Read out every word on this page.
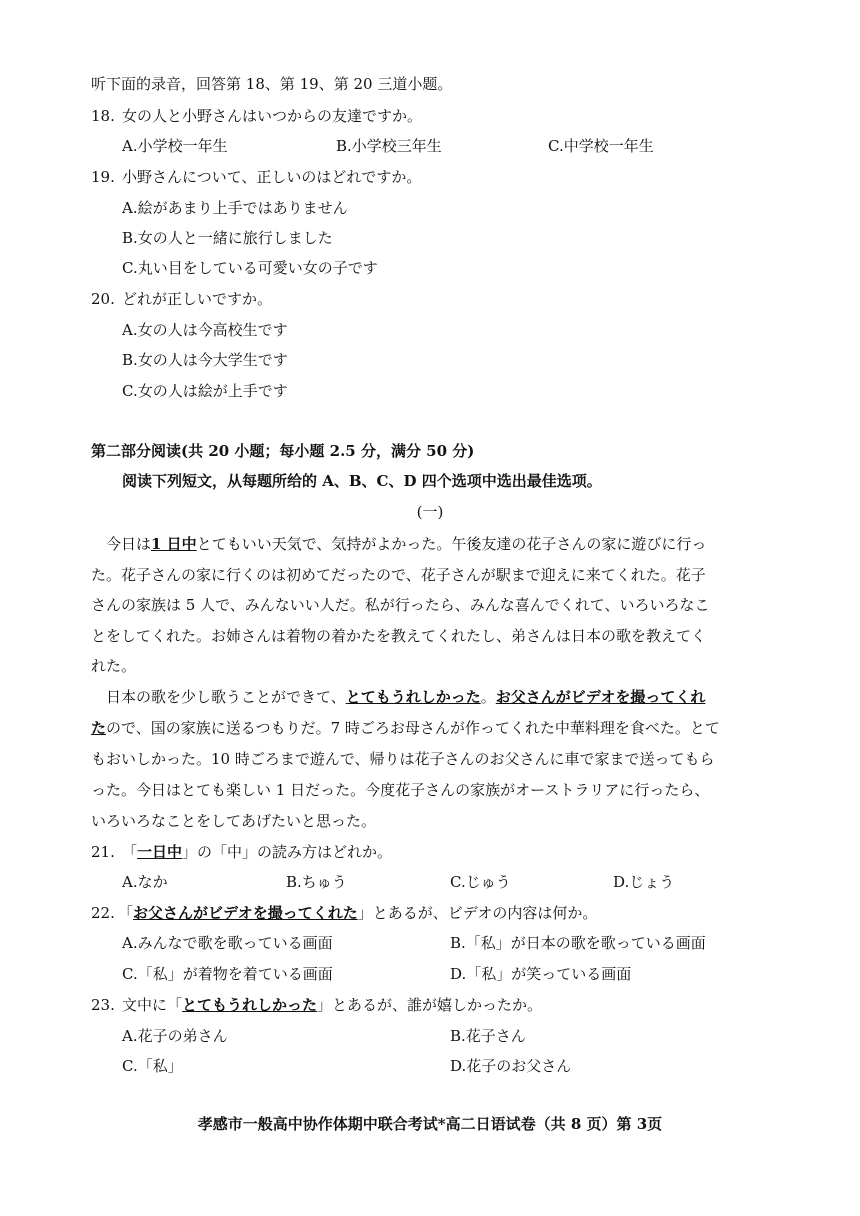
听下面的录音，回答第 18、第 19、第 20 三道小题。
18. 女の人と小野さんはいつからの友達ですか。
A.小学校一年生	B.小学校三年生	C.中学校一年生
19. 小野さんについて、正しいのはどれですか。
A.絵があまり上手ではありません
B.女の人と一緒に旅行しました
C.丸い目をしている可愛い女の子です
20. どれが正しいですか。
A.女の人は今高校生です
B.女の人は今大学生です
C.女の人は絵が上手です
第二部分阅读(共 20 小题；每小题 2.5 分，满分 50 分)
阅读下列短文，从每题所给的 A、B、C、D 四个选项中选出最佳选项。
(一)
今日は1 日中とてもいい天気で、気持がよかった。午後友達の花子さんの家に遊びに行っ
た。花子さんの家に行くのは初めてだったので、花子さんが駅まで迎えに来てくれた。花子
さんの家族は 5 人で、みんないい人だ。私が行ったら、みんな喜んでくれて、いろいろなこ
とをしてくれた。お姉さんは着物の着かたを教えてくれたし、弟さんは日本の歌を教えてく
れた。
日本の歌を少し歌うことができて、とてもうれしかった。お父さんがビデオを撮ってくれ
たので、国の家族に送るつもりだ。7 時ごろお母さんが作ってくれた中華料理を食べた。とて
もおいしかった。10 時ごろまで遊んで、帰りは花子さんのお父さんに車で家まで送ってもら
った。今日はとても楽しい 1 日だった。今度花子さんの家族がオーストラリアに行ったら、
いろいろなことをしてあげたいと思った。
21. 「一日中」の「中」の読み方はどれか。
A.なか	B.ちゅう	C.じゅう	D.じょう
22. 「お父さんがビデオを撮ってくれた」とあるが、ビデオの内容は何か。
A.みんなで歌を歌っている画面	B.「私」が日本の歌を歌っている画面
C.「私」が着物を着ている画面	D.「私」が笑っている画面
23. 文中に「とてもうれしかった」とあるが、誰が嬉しかったか。
A.花子の弟さん	B.花子さん
C.「私」	D.花子のお父さん
孝感市一般高中协作体期中联合考试*高二日语试卷（共 8 页）第 3页
